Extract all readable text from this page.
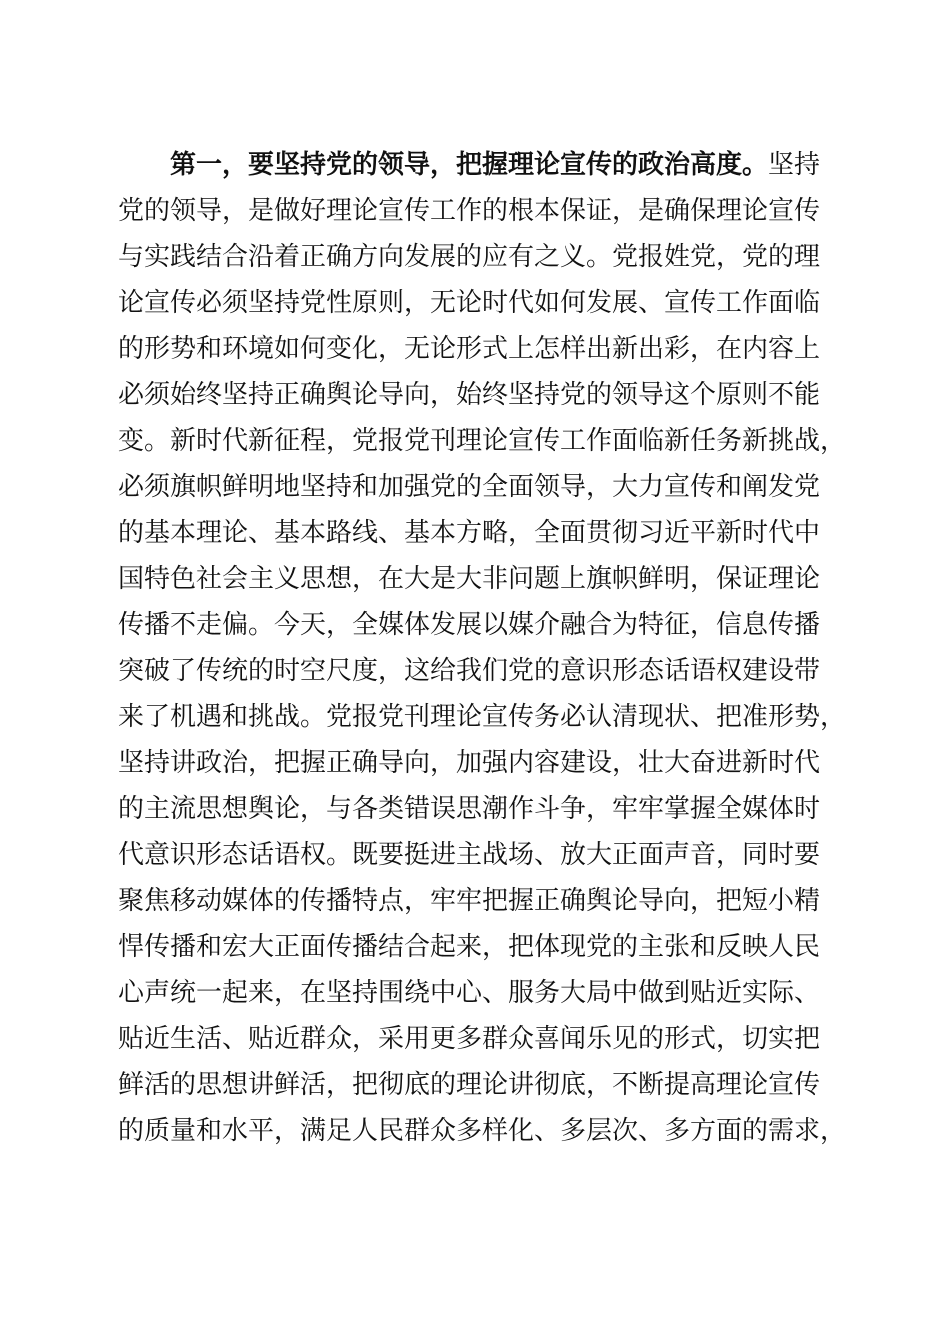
第一，要坚持党的领导，把握理论宣传的政治高度。坚持
党的领导，是做好理论宣传工作的根本保证，是确保理论宣传
与实践结合沿着正确方向发展的应有之义。党报姓党，党的理
论宣传必须坚持党性原则，无论时代如何发展、宣传工作面临
的形势和环境如何变化，无论形式上怎样出新出彩，在内容上
必须始终坚持正确舆论导向，始终坚持党的领导这个原则不能
变。新时代新征程，党报党刊理论宣传工作面临新任务新挑战，
必须旗帜鲜明地坚持和加强党的全面领导，大力宣传和阐发党
的基本理论、基本路线、基本方略，全面贯彻习近平新时代中
国特色社会主义思想，在大是大非问题上旗帜鲜明，保证理论
传播不走偏。今天，全媒体发展以媒介融合为特征，信息传播
突破了传统的时空尺度，这给我们党的意识形态话语权建设带
来了机遇和挑战。党报党刊理论宣传务必认清现状、把准形势，
坚持讲政治，把握正确导向，加强内容建设，壮大奋进新时代
的主流思想舆论，与各类错误思潮作斗争，牢牢掌握全媒体时
代意识形态话语权。既要挺进主战场、放大正面声音，同时要
聚焦移动媒体的传播特点，牢牢把握正确舆论导向，把短小精
悍传播和宏大正面传播结合起来，把体现党的主张和反映人民
心声统一起来，在坚持围绕中心、服务大局中做到贴近实际、
贴近生活、贴近群众，采用更多群众喜闻乐见的形式，切实把
鲜活的思想讲鲜活，把彻底的理论讲彻底，不断提高理论宣传
的质量和水平，满足人民群众多样化、多层次、多方面的需求，
